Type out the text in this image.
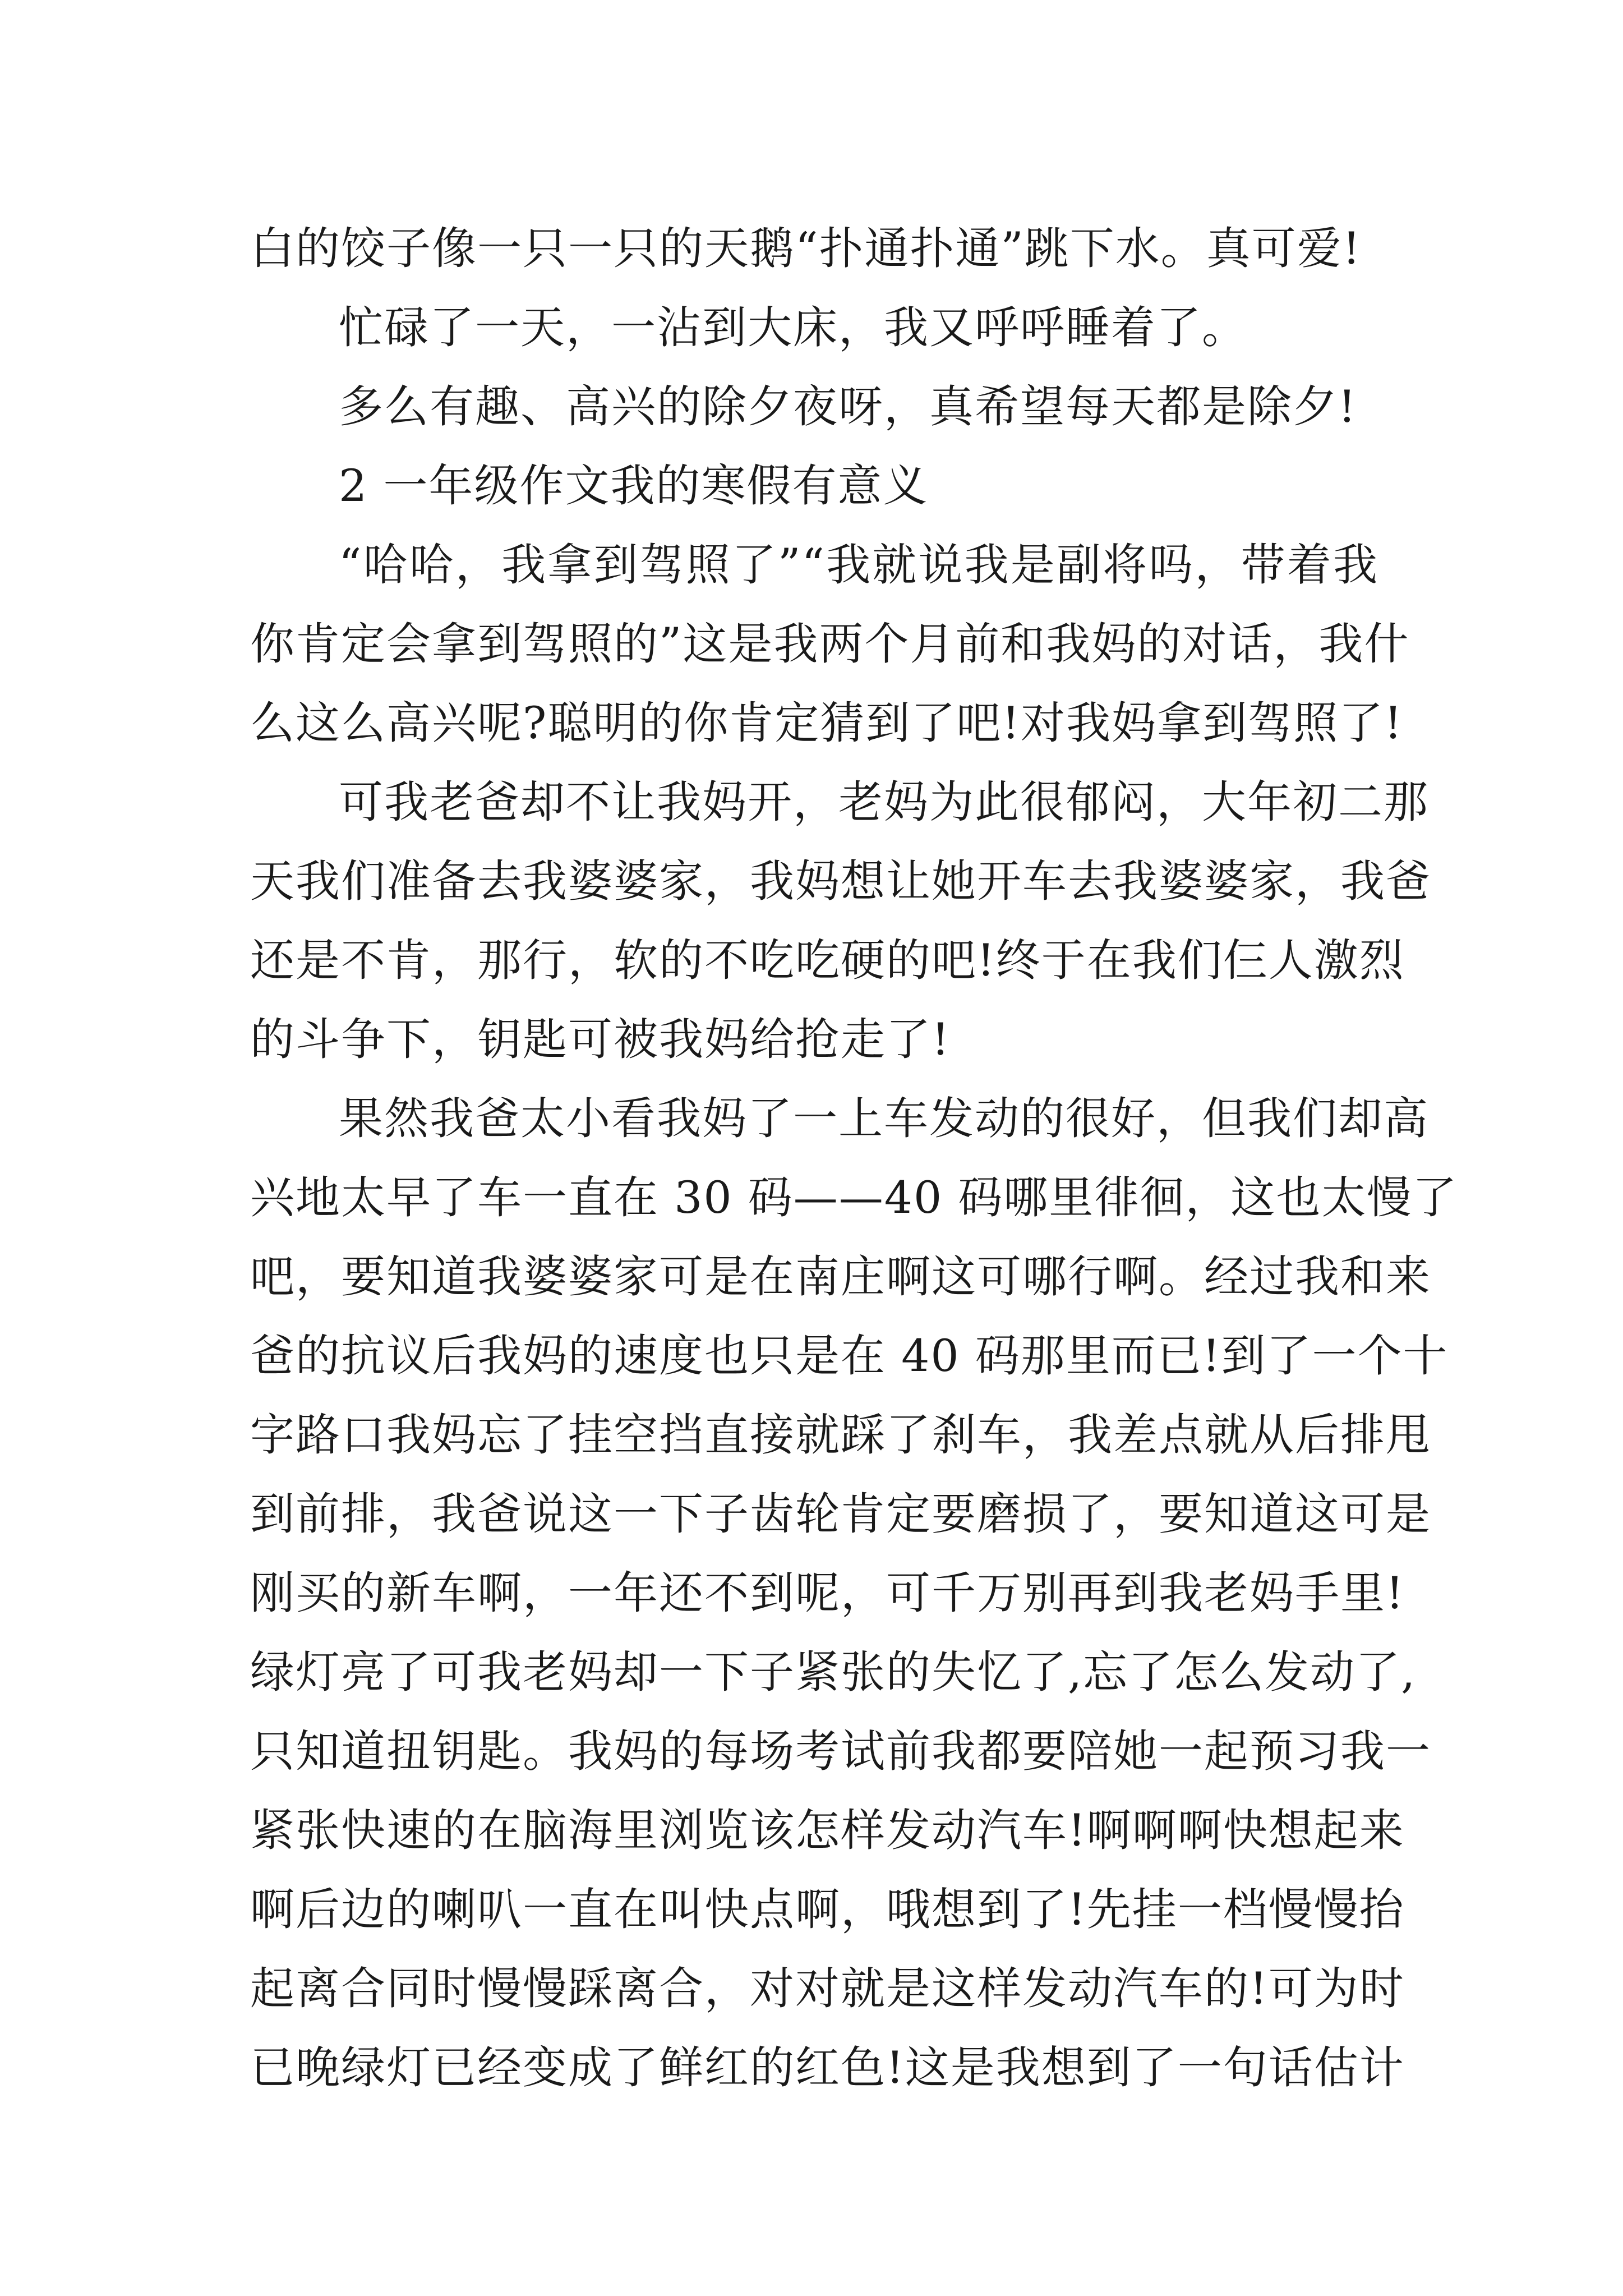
白的饺子像一只一只的天鹅“扑通扑通”跳下水。真可爱!
忙碌了一天，一沾到大床，我又呼呼睡着了。
多么有趣、高兴的除夕夜呀，真希望每天都是除夕!
2 一年级作文我的寒假有意义
“哈哈，我拿到驾照了”“我就说我是副将吗，带着我
你肯定会拿到驾照的”这是我两个月前和我妈的对话，我什
么这么高兴呢?聪明的你肯定猜到了吧!对我妈拿到驾照了!
可我老爸却不让我妈开，老妈为此很郁闷，大年初二那
天我们准备去我婆婆家，我妈想让她开车去我婆婆家，我爸
还是不肯，那行，软的不吃吃硬的吧!终于在我们仨人激烈
的斗争下，钥匙可被我妈给抢走了!
果然我爸太小看我妈了一上车发动的很好，但我们却高
兴地太早了车一直在 30 码——40 码哪里徘徊，这也太慢了
吧，要知道我婆婆家可是在南庄啊这可哪行啊。经过我和来
爸的抗议后我妈的速度也只是在 40 码那里而已!到了一个十
字路口我妈忘了挂空挡直接就踩了刹车，我差点就从后排甩
到前排，我爸说这一下子齿轮肯定要磨损了，要知道这可是
刚买的新车啊，一年还不到呢，可千万别再到我老妈手里!
绿灯亮了可我老妈却一下子紧张的失忆了,忘了怎么发动了,
只知道扭钥匙。我妈的每场考试前我都要陪她一起预习我一
紧张快速的在脑海里浏览该怎样发动汽车!啊啊啊快想起来
啊后边的喇叭一直在叫快点啊，哦想到了!先挂一档慢慢抬
起离合同时慢慢踩离合，对对就是这样发动汽车的!可为时
已晚绿灯已经变成了鲜红的红色!这是我想到了一句话估计
